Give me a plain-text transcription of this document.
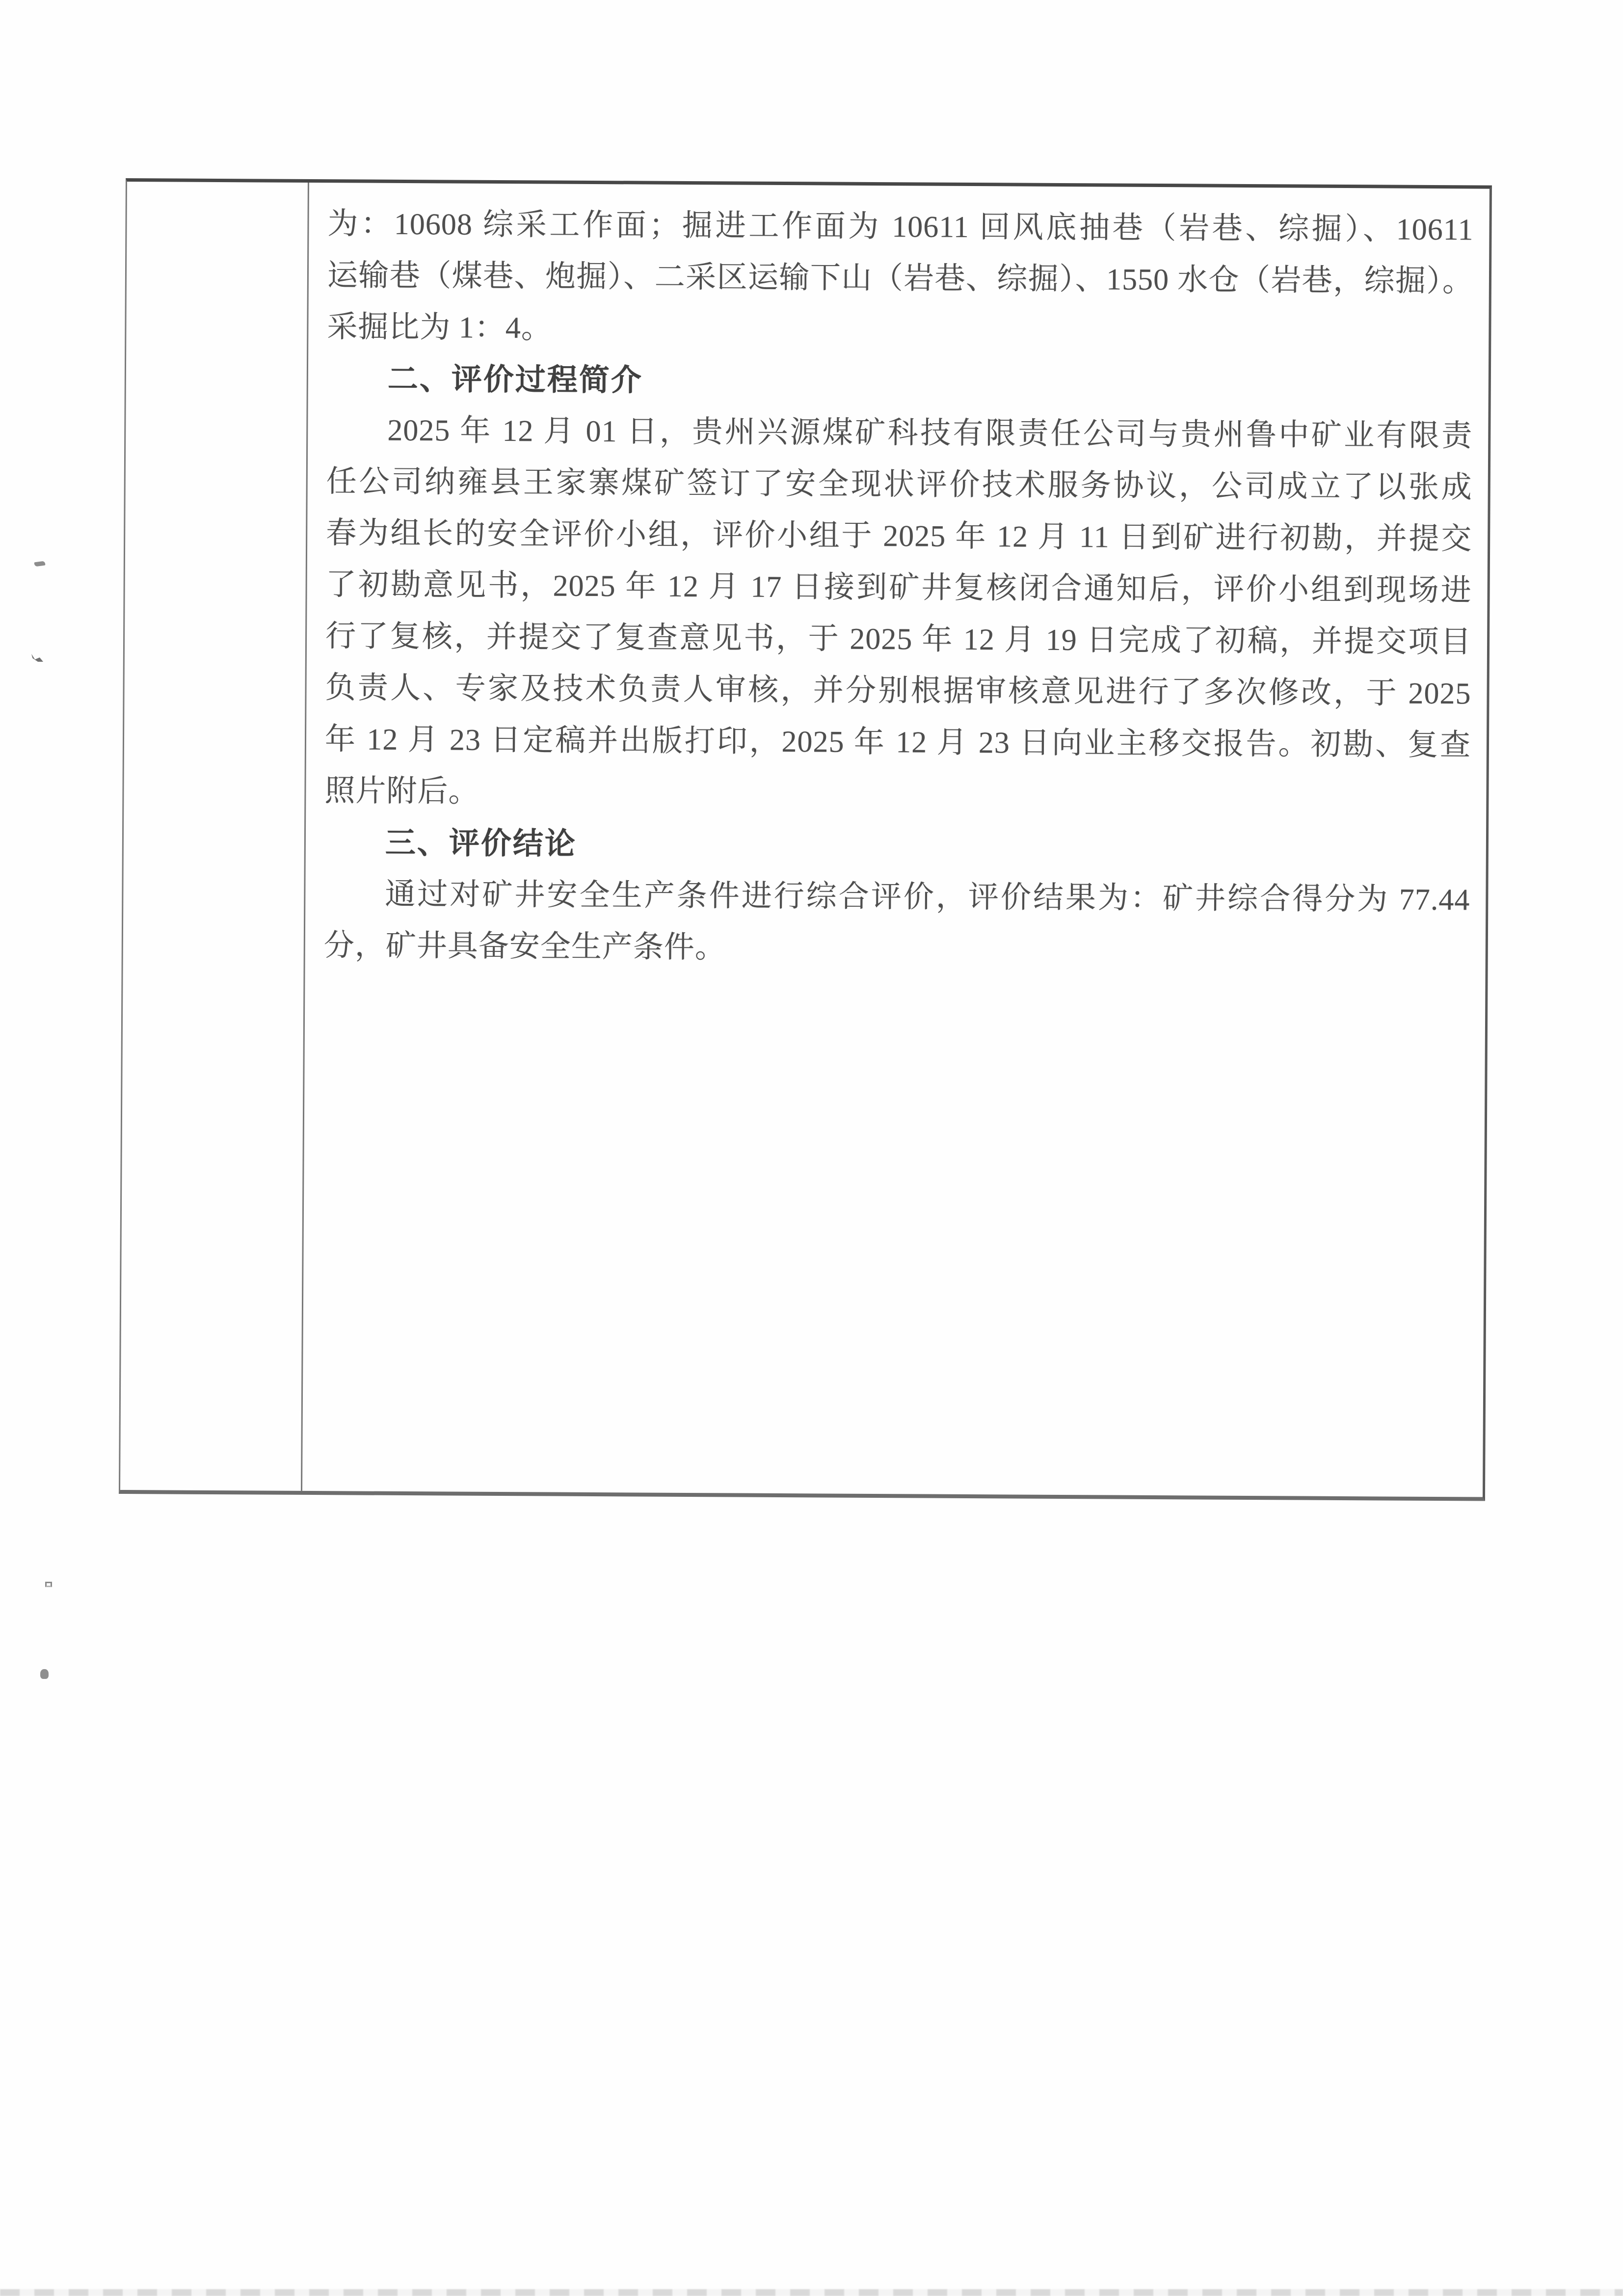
为：10608 综采工作面；掘进工作面为 10611 回风底抽巷（岩巷、综掘）、10611

运输巷（煤巷、炮掘）、二采区运输下山（岩巷、综掘）、1550 水仓（岩巷，综掘）。

采掘比为 1：4。

二、评价过程简介

2025 年 12 月 01 日，贵州兴源煤矿科技有限责任公司与贵州鲁中矿业有限责

任公司纳雍县王家寨煤矿签订了安全现状评价技术服务协议，公司成立了以张成

春为组长的安全评价小组，评价小组于 2025 年 12 月 11 日到矿进行初勘，并提交

了初勘意见书，2025 年 12 月 17 日接到矿井复核闭合通知后，评价小组到现场进

行了复核，并提交了复查意见书，于 2025 年 12 月 19 日完成了初稿，并提交项目

负责人、专家及技术负责人审核，并分别根据审核意见进行了多次修改，于 2025

年 12 月 23 日定稿并出版打印，2025 年 12 月 23 日向业主移交报告。初勘、复查

照片附后。

三、评价结论

通过对矿井安全生产条件进行综合评价，评价结果为：矿井综合得分为 77.44

分，矿井具备安全生产条件。
